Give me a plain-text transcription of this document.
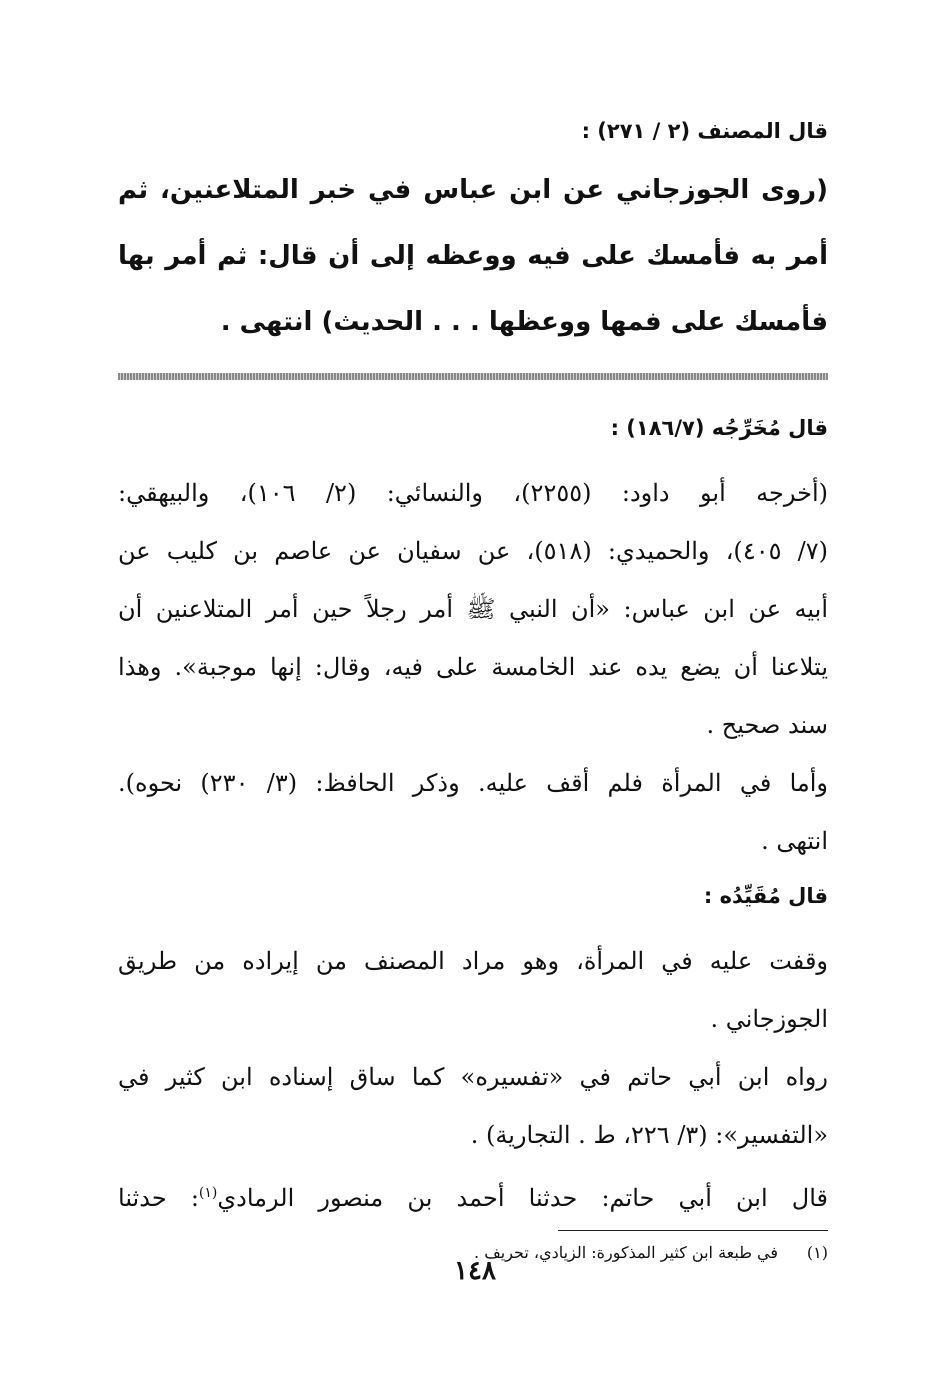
قال المصنف (٢ / ٢٧١) :
(روى الجوزجاني عن ابن عباس في خبر المتلاعنين، ثم
أمر به فأمسك على فيه ووعظه إلى أن قال: ثم أمر بها
فأمسك على فمها ووعظها . . . الحديث) انتهى .
قال مُخَرِّجُه (١٨٦/٧) :
(أخرجه أبو داود: (٢٢٥٥)، والنسائي: (٢/ ١٠٦)، والبيهقي:
(٧/ ٤٠٥)، والحميدي: (٥١٨)، عن سفيان عن عاصم بن كليب عن
أبيه عن ابن عباس: «أن النبي ﷺ أمر رجلاً حين أمر المتلاعنين أن
يتلاعنا أن يضع يده عند الخامسة على فيه، وقال: إنها موجبة». وهذا
سند صحيح .
وأما في المرأة فلم أقف عليه. وذكر الحافظ: (٣/ ٢٣٠) نحوه).
انتهى .
قال مُقَيِّدُه :
وقفت عليه في المرأة، وهو مراد المصنف من إيراده من طريق
الجوزجاني .
رواه ابن أبي حاتم في «تفسيره» كما ساق إسناده ابن كثير في
«التفسير»: (٣/ ٢٢٦، ط . التجارية) .
قال ابن أبي حاتم: حدثنا أحمد بن منصور الرمادي$^{(١)}$: حدثنا
(١)في طبعة ابن كثير المذكورة: الزيادي، تحريف .
١٤٨
